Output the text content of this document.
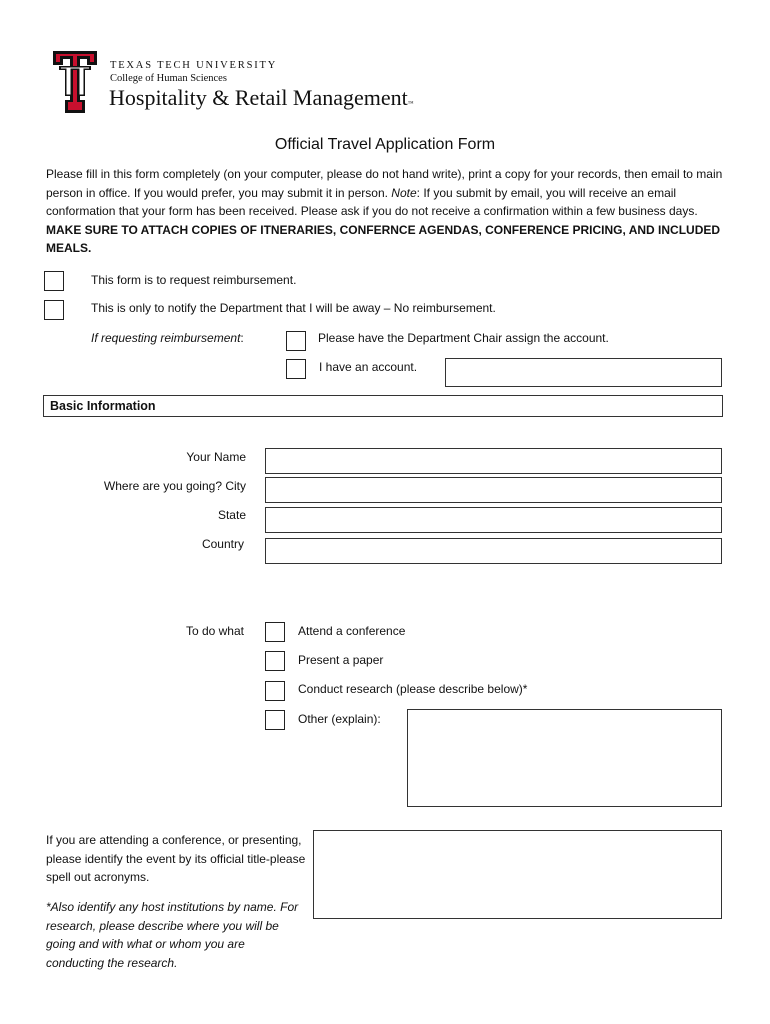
TEXAS TECH UNIVERSITY
College of Human Sciences
Hospitality & Retail Management™
Official Travel Application Form

Please fill in this form completely (on your computer, please do not hand write), print a copy for your records, then email to main person in office. If you would prefer, you may submit it in person. Note: If you submit by email, you will receive an email conformation that your form has been received. Please ask if you do not receive a confirmation within a few business days. MAKE SURE TO ATTACH COPIES OF ITNERARIES, CONFERNCE AGENDAS, CONFERENCE PRICING, AND INCLUDED MEALS.

This form is to request reimbursement.
This is only to notify the Department that I will be away – No reimbursement.
If requesting reimbursement:	Please have the Department Chair assign the account.
I have an account.
Basic Information
Your Name
Where are you going? City
State
Country
To do what	Attend a conference
Present a paper
Conduct research (please describe below)*
Other (explain):
If you are attending a conference, or presenting, please identify the event by its official title-please spell out acronyms.
*Also identify any host institutions by name. For research, please describe where you will be going and with what or whom you are conducting the research.
